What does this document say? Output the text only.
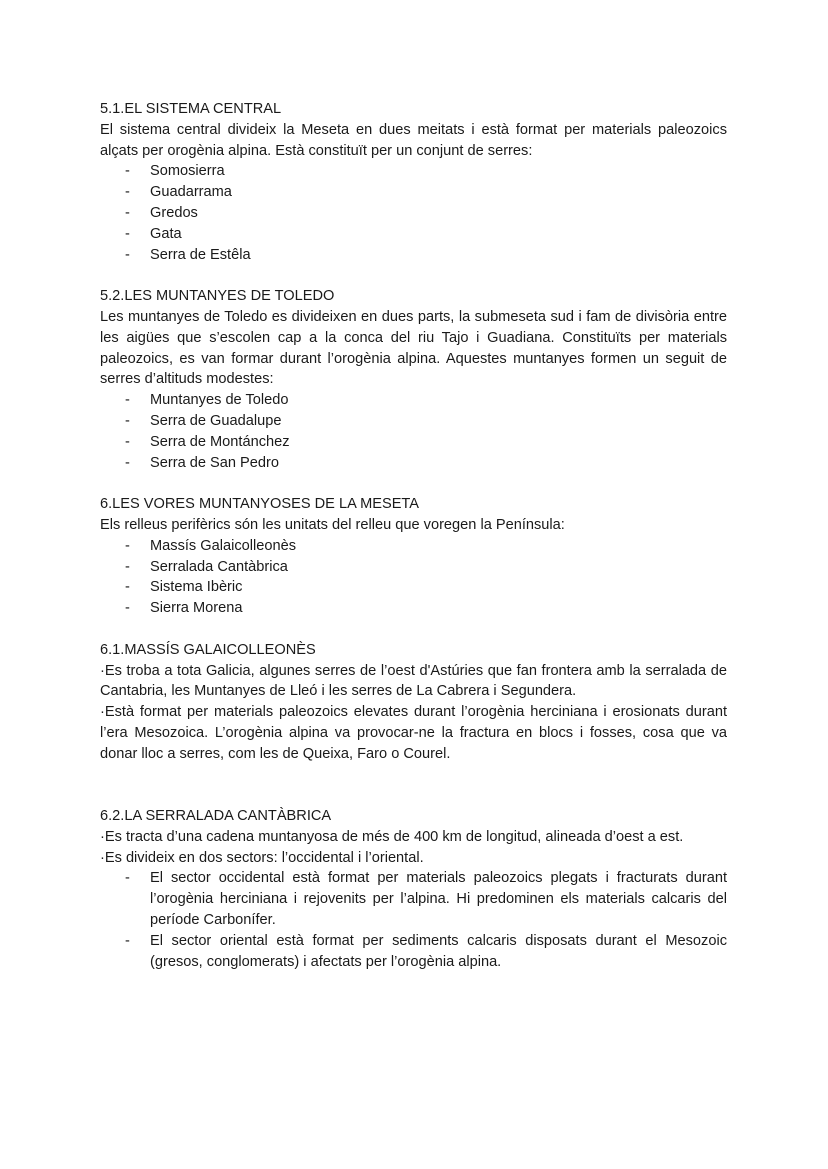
5.1.EL SISTEMA CENTRAL

El sistema central divideix la Meseta en dues meitats i està format per materials paleozoics alçats per orogènia alpina. Està constituït per un conjunt de serres:

- Somosierra
- Guadarrama
- Gredos
- Gata
- Serra de Estêla
5.2.LES MUNTANYES DE TOLEDO

Les muntanyes de Toledo es divideixen en dues parts, la submeseta sud i fam de divisòria entre les aigües que s’escolen cap a la conca del riu Tajo i Guadiana. Constituïts per materials paleozoics, es van formar durant l’orogènia alpina. Aquestes muntanyes formen un seguit de serres d’altituds modestes:

- Muntanyes de Toledo
- Serra de Guadalupe
- Serra de Montánchez
- Serra de San Pedro
6.LES VORES MUNTANYOSES DE LA MESETA

Els relleus perifèrics són les unitats del relleu que voregen la Península:

- Massís Galaicolleonès
- Serralada Cantàbrica
- Sistema Ibèric
- Sierra Morena
6.1.MASSÍS GALAICOLLEONÈS

·Es troba a tota Galicia, algunes serres de l’oest d'Astúries que fan frontera amb la serralada de Cantabria, les Muntanyes de Lleó i les serres de La Cabrera i Segundera.

·Està format per materials paleozoics elevates durant l’orogènia herciniana i erosionats durant l’era Mesozoica. L’orogènia alpina va provocar-ne la fractura en blocs i fosses, cosa que va donar lloc a serres, com les de Queixa, Faro o Courel.

6.2.LA SERRALADA CANTÀBRICA

·Es tracta d’una cadena muntanyosa de més de 400 km de longitud, alineada d’oest a est.

·Es divideix en dos sectors: l’occidental i l’oriental.

- El sector occidental està format per materials paleozoics plegats i fracturats durant l’orogènia herciniana i rejovenits per l’alpina. Hi predominen els materials calcaris del període Carbonífer.
- El sector oriental està format per sediments calcaris disposats durant el Mesozoic (gresos, conglomerats) i afectats per l’orogènia alpina.
